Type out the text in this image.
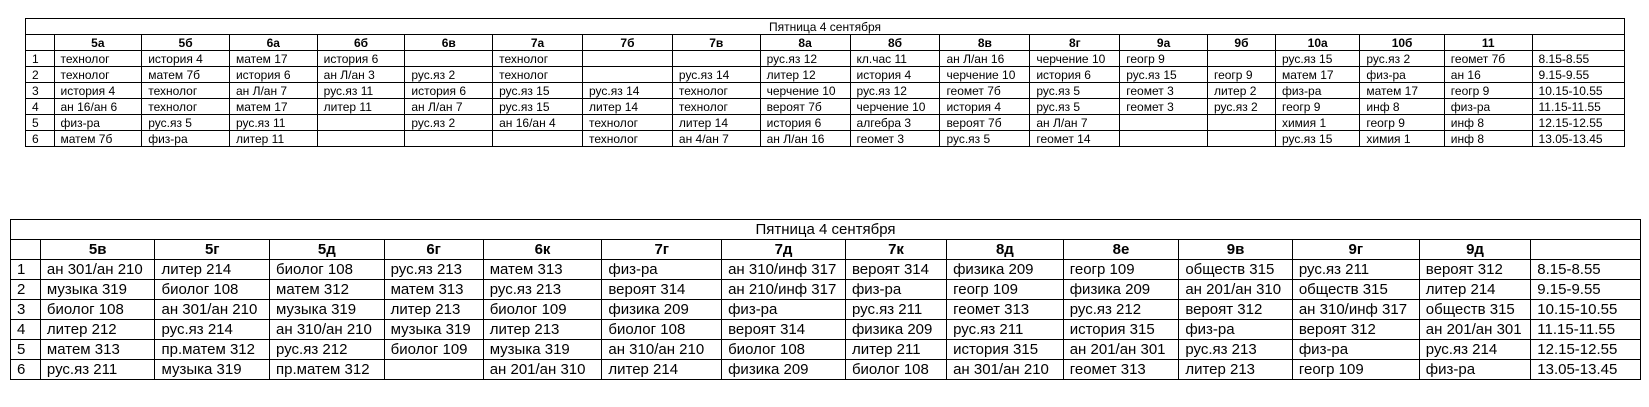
Пятница 4 сентября																		
	5а	5б	6а	6б	6в	7а	7б	7в	8а	8б	8в	8г	9а	9б	10а	10б	11	
1	технолог	история 4	матем 17	история 6		технолог			рус.яз 12	кл.час 11	ан Л/ан 16	черчение 10	геогр 9		рус.яз 15	рус.яз 2	геомет 7б	8.15-8.55
2	технолог	матем 7б	история 6	ан Л/ан 3	рус.яз 2	технолог		рус.яз 14	литер 12	история 4	черчение 10	история 6	рус.яз 15	геогр 9	матем 17	физ-ра	ан 16	9.15-9.55
3	история 4	технолог	ан Л/ан 7	рус.яз 11	история 6	рус.яз 15	рус.яз 14	технолог	черчение 10	рус.яз 12	геомет 7б	рус.яз 5	геомет 3	литер 2	физ-ра	матем 17	геогр 9	10.15-10.55
4	ан 16/ан 6	технолог	матем 17	литер 11	ан Л/ан 7	рус.яз 15	литер 14	технолог	вероят 7б	черчение 10	история 4	рус.яз 5	геомет 3	рус.яз 2	геогр 9	инф 8	физ-ра	11.15-11.55
5	физ-ра	рус.яз 5	рус.яз 11		рус.яз 2	ан 16/ан 4	технолог	литер 14	история 6	алгебра 3	вероят 7б	ан Л/ан 7			химия 1	геогр 9	инф 8	12.15-12.55
6	матем 7б	физ-ра	литер 11				технолог	ан 4/ан 7	ан Л/ан 16	геомет 3	рус.яз 5	геомет 14			рус.яз 15	химия 1	инф 8	13.05-13.45
Пятница 4 сентября														
	5в	5г	5д	6г	6к	7г	7д	7к	8д	8е	9в	9г	9д	
1	ан 301/ан 210	литер 214	биолог 108	рус.яз 213	матем 313	физ-ра	ан 310/инф 317	вероят 314	физика 209	геогр 109	обществ 315	рус.яз 211	вероят 312	8.15-8.55
2	музыка 319	биолог 108	матем 312	матем 313	рус.яз 213	вероят 314	ан 210/инф 317	физ-ра	геогр 109	физика 209	ан 201/ан 310	обществ 315	литер 214	9.15-9.55
3	биолог 108	ан 301/ан 210	музыка 319	литер 213	биолог 109	физика 209	физ-ра	рус.яз 211	геомет 313	рус.яз 212	вероят 312	ан 310/инф 317	обществ 315	10.15-10.55
4	литер 212	рус.яз 214	ан 310/ан 210	музыка 319	литер 213	биолог 108	вероят 314	физика 209	рус.яз 211	история 315	физ-ра	вероят 312	ан 201/ан 301	11.15-11.55
5	матем 313	пр.матем 312	рус.яз 212	биолог 109	музыка 319	ан 310/ан 210	биолог 108	литер 211	история 315	ан 201/ан 301	рус.яз 213	физ-ра	рус.яз 214	12.15-12.55
6	рус.яз 211	музыка 319	пр.матем 312		ан 201/ан 310	литер 214	физика 209	биолог 108	ан 301/ан 210	геомет 313	литер 213	геогр 109	физ-ра	13.05-13.45
